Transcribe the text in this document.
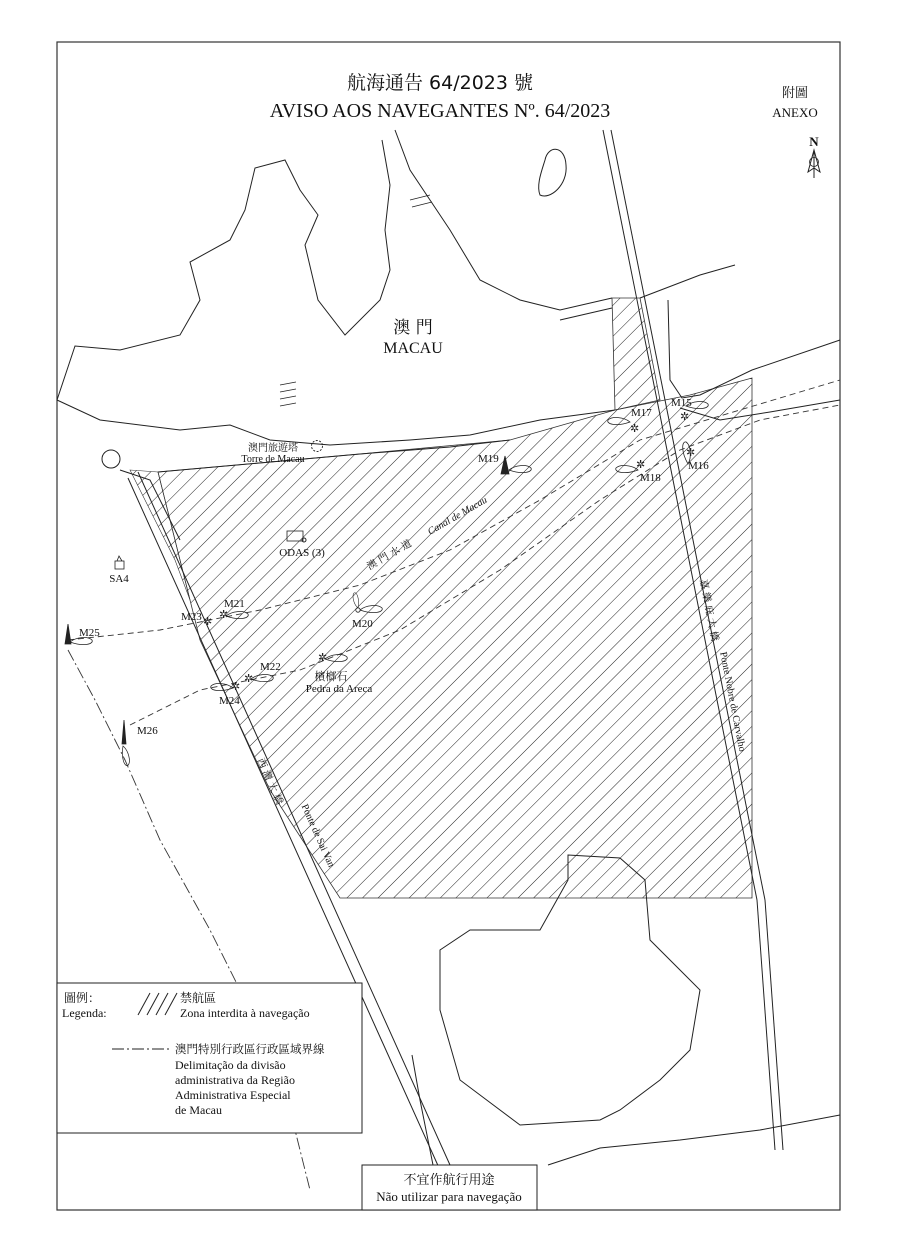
✲
✲
✲
✲
✲
✲
✲
✲
✲
航海通告 64/2023 號
AVISO AOS NAVEGANTES Nº. 64/2023
附圖
ANEXO
N
澳 門
MACAU
澳門旅遊塔
Torre de Macau
ODAS (3)
SA4
澳 門 水 道
Canal de Macau
檳榔石
Pedra da Areca
嘉 樂 庇 大 橋
Ponte Nobre de Carvalho
西 灣 大 橋
Ponte de Sai Van
M15
M16
M17
M18
M19
M20
M21
M22
M23
M24
M25
M26
圖例：
Legenda:
禁航區
Zona interdita à navegação
澳門特別行政區行政區域界線
Delimitação da divisão
administrativa da Região
Administrativa Especial
de Macau
不宜作航行用途
Não utilizar para navegação
